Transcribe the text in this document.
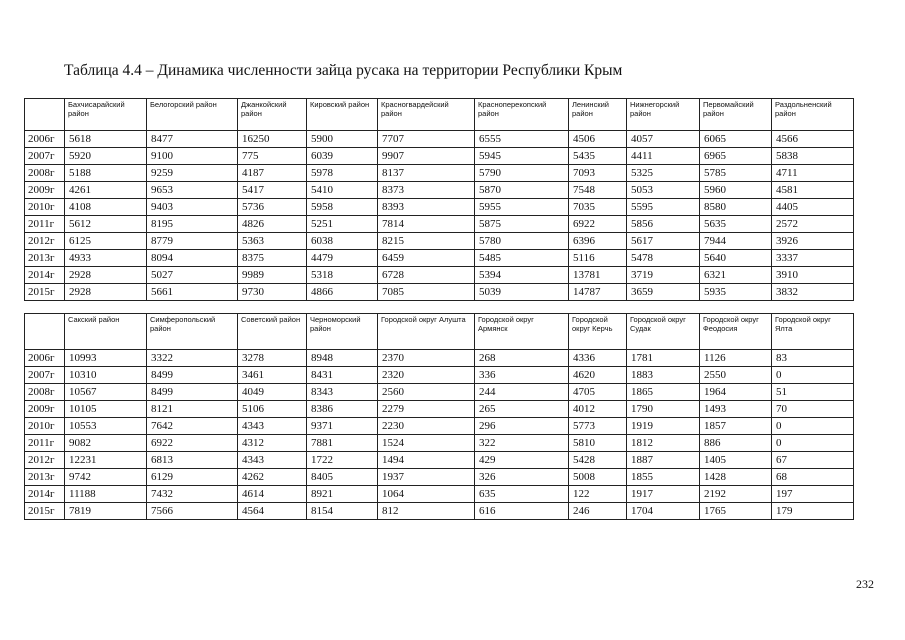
Таблица 4.4 – Динамика численности зайца русака на территории Республики Крым
	Бахчисарайский район	Белогорский район	Джанкойский район	Кировский район	Красногвардейский район	Красноперекопский район	Ленинский район	Нижнегорский район	Первомайский район	Раздольненский район
2006г	5618	8477	16250	5900	7707	6555	4506	4057	6065	4566
2007г	5920	9100	775	6039	9907	5945	5435	4411	6965	5838
2008г	5188	9259	4187	5978	8137	5790	7093	5325	5785	4711
2009г	4261	9653	5417	5410	8373	5870	7548	5053	5960	4581
2010г	4108	9403	5736	5958	8393	5955	7035	5595	8580	4405
2011г	5612	8195	4826	5251	7814	5875	6922	5856	5635	2572
2012г	6125	8779	5363	6038	8215	5780	6396	5617	7944	3926
2013г	4933	8094	8375	4479	6459	5485	5116	5478	5640	3337
2014г	2928	5027	9989	5318	6728	5394	13781	3719	6321	3910
2015г	2928	5661	9730	4866	7085	5039	14787	3659	5935	3832
	Сакский район	Симферопольский район	Советский район	Черноморский район	Городской округ Алушта	Городской округ Армянск	Городской округ Керчь	Городской округ Судак	Городской округ Феодосия	Городской округ Ялта
2006г	10993	3322	3278	8948	2370	268	4336	1781	1126	83
2007г	10310	8499	3461	8431	2320	336	4620	1883	2550	0
2008г	10567	8499	4049	8343	2560	244	4705	1865	1964	51
2009г	10105	8121	5106	8386	2279	265	4012	1790	1493	70
2010г	10553	7642	4343	9371	2230	296	5773	1919	1857	0
2011г	9082	6922	4312	7881	1524	322	5810	1812	886	0
2012г	12231	6813	4343	1722	1494	429	5428	1887	1405	67
2013г	9742	6129	4262	8405	1937	326	5008	1855	1428	68
2014г	11188	7432	4614	8921	1064	635	122	1917	2192	197
2015г	7819	7566	4564	8154	812	616	246	1704	1765	179
232
